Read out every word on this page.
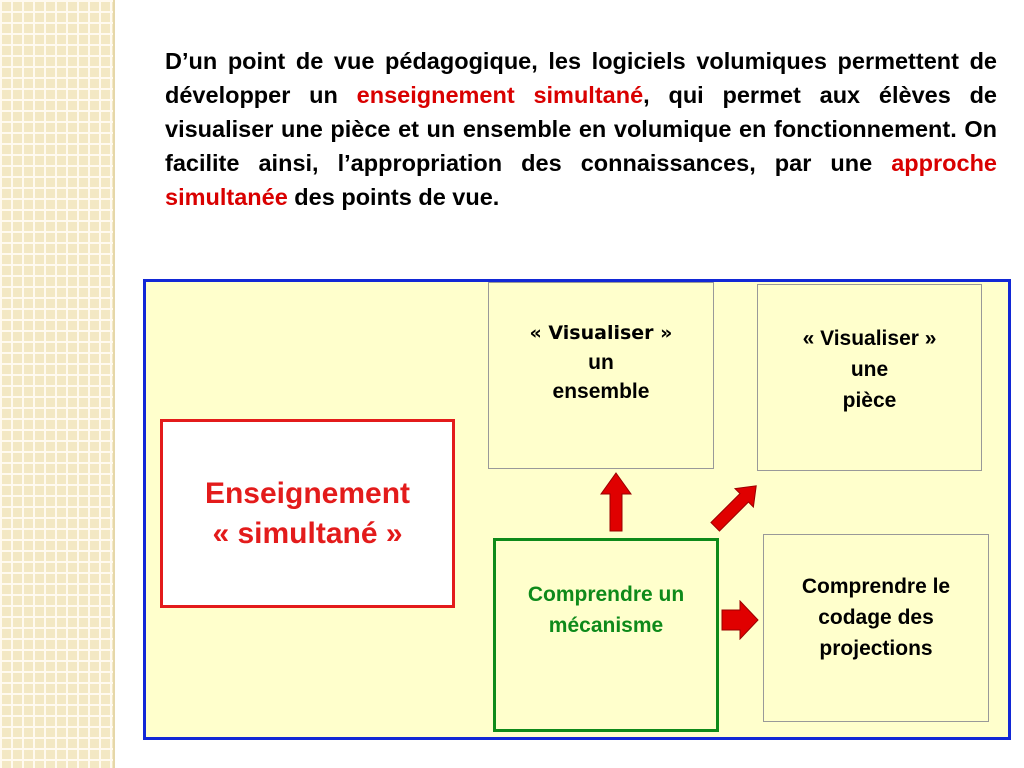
D’un point de vue pédagogique, les logiciels volumiques permettent de développer un enseignement simultané, qui permet aux élèves de visualiser une pièce et un ensemble en volumique en fonctionnement. On facilite ainsi, l’appropriation des connaissances, par une approche simultanée des points de vue.

« Visualiser »
un
ensemble
« Visualiser »
une
pièce
Enseignement
« simultané »
Comprendre un
mécanisme
Comprendre le
codage des
projections
